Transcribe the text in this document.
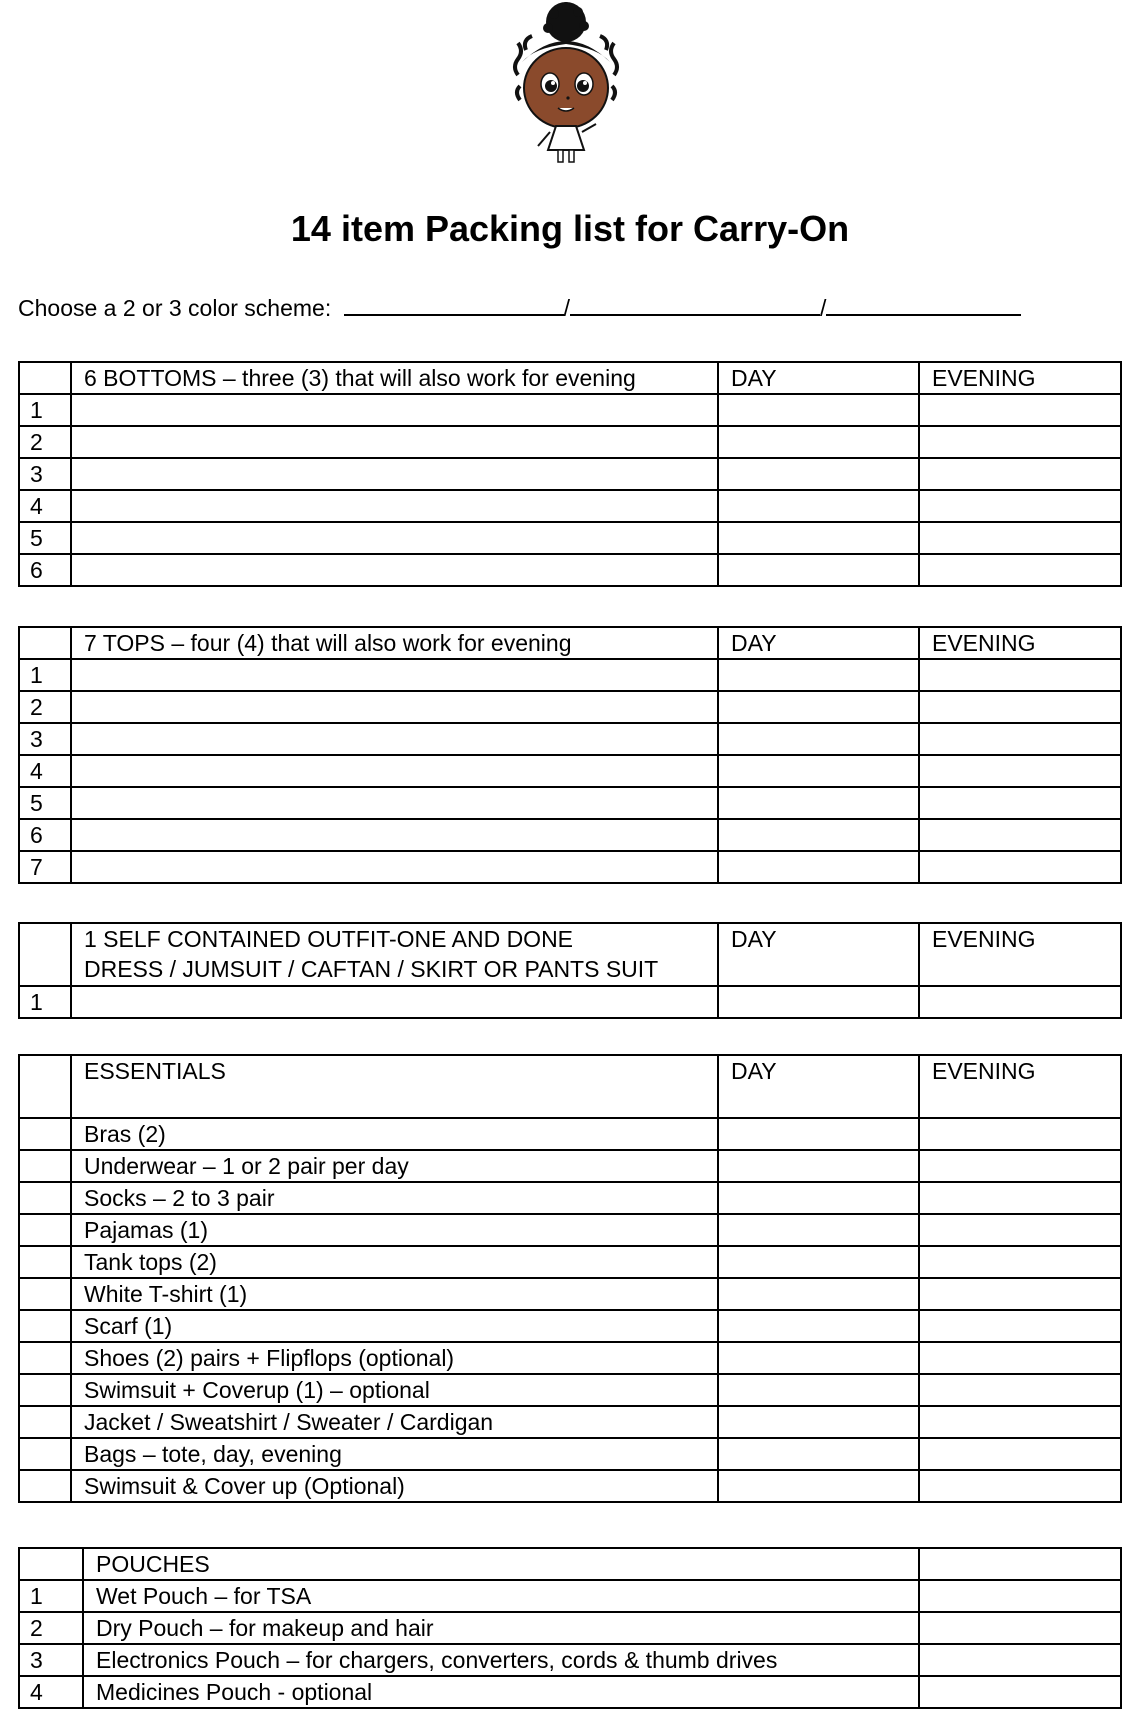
14 item Packing list for Carry-On
Choose a 2 or 3 color scheme:	/	/
	6 BOTTOMS – three (3) that will also work for evening	DAY	EVENING
1			
2			
3			
4			
5			
6			
	7 TOPS – four (4) that will also work for evening	DAY	EVENING
1			
2			
3			
4			
5			
6			
7			

	1 SELF CONTAINED OUTFIT-ONE AND DONE
DRESS / JUMSUIT / CAFTAN / SKIRT OR PANTS SUIT	DAY	EVENING
1			
	ESSENTIALS	DAY	EVENING
	Bras (2)		
	Underwear – 1 or 2 pair per day		
	Socks – 2 to 3 pair		
	Pajamas (1)		
	Tank tops (2)		
	White T-shirt (1)		
	Scarf (1)		
	Shoes (2) pairs + Flipflops (optional)		
	Swimsuit + Coverup (1) – optional		
	Jacket / Sweatshirt / Sweater / Cardigan		
	Bags – tote, day, evening		
	Swimsuit & Cover up (Optional)		
	POUCHES	
1	Wet Pouch – for TSA	
2	Dry Pouch – for makeup and hair	
3	Electronics Pouch – for chargers, converters, cords & thumb drives	
4	Medicines Pouch - optional	
